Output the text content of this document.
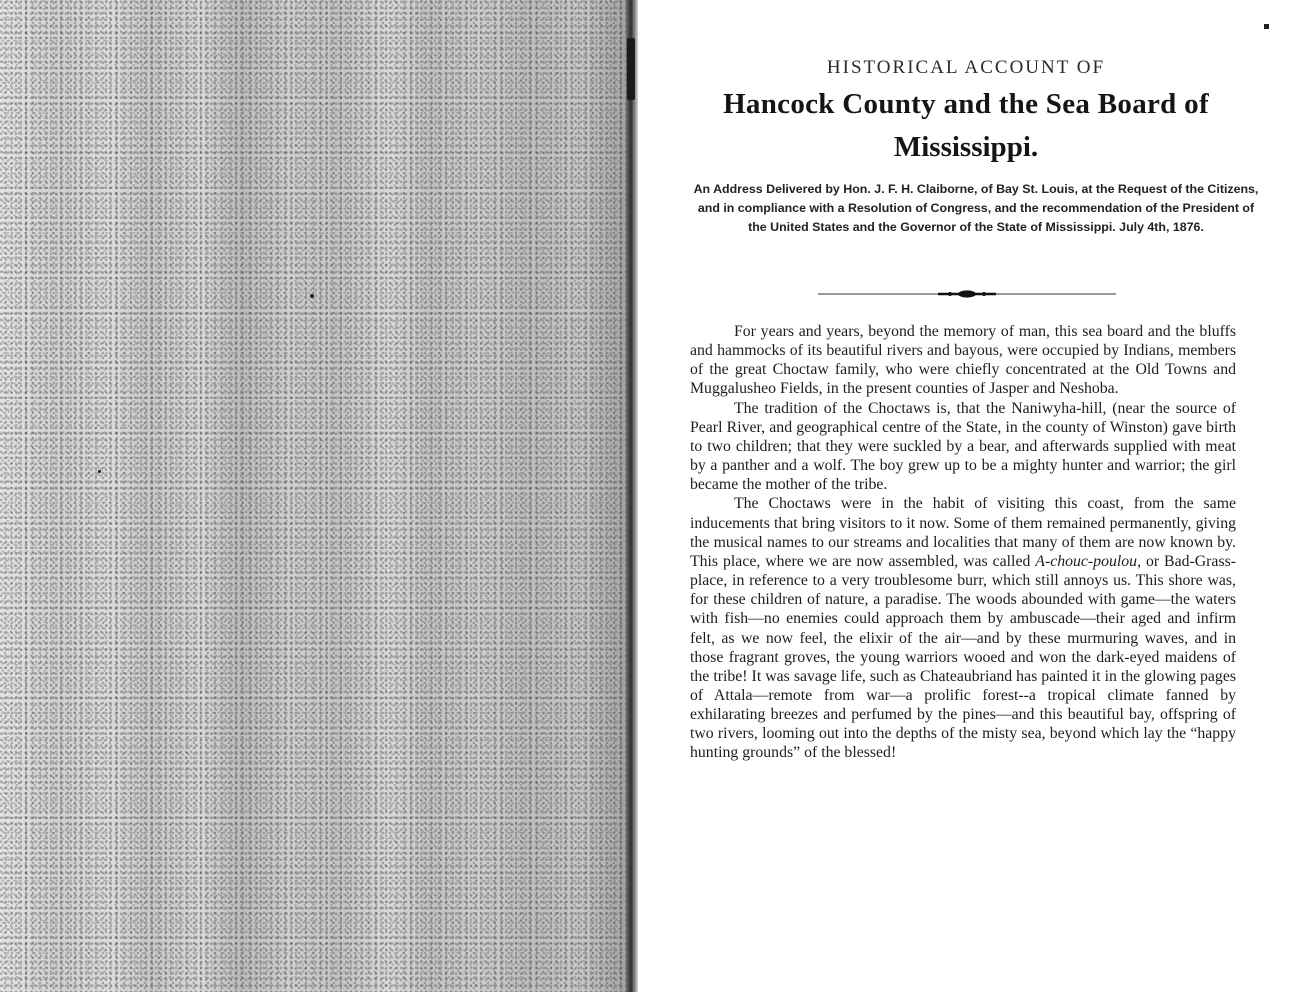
HISTORICAL ACCOUNT OF
Hancock County and the Sea Board of
Mississippi.

An Address Delivered by Hon. J. F. H. Claiborne, of Bay St. Louis, at the Request of the Citizens, and in compliance with a Resolution of Congress, and the recommendation of the President of the United States and the Governor of the State of Mississippi. July 4th, 1876.

For years and years, beyond the memory of man, this sea board and the bluffs and hammocks of its beautiful rivers and bayous, were occupied by Indians, members of the great Choctaw family, who were chiefly concentrated at the Old Towns and Muggalusheo Fields, in the present counties of Jasper and Neshoba.

The tradition of the Choctaws is, that the Naniwyha-hill, (near the source of Pearl River, and geographical centre of the State, in the county of Winston) gave birth to two children; that they were suckled by a bear, and afterwards supplied with meat by a panther and a wolf. The boy grew up to be a mighty hunter and warrior; the girl became the mother of the tribe.

The Choctaws were in the habit of visiting this coast, from the same inducements that bring visitors to it now. Some of them remained permanently, giving the musical names to our streams and localities that many of them are now known by. This place, where we are now assembled, was called A-chouc-poulou, or Bad-Grass-place, in reference to a very troublesome burr, which still annoys us. This shore was, for these children of nature, a paradise. The woods abounded with game—the waters with fish—no enemies could approach them by ambuscade—their aged and infirm felt, as we now feel, the elixir of the air—and by these murmuring waves, and in those fragrant groves, the young warriors wooed and won the dark-eyed maidens of the tribe! It was savage life, such as Chateaubriand has painted it in the glowing pages of Attala—remote from war—a prolific forest--a tropical climate fanned by exhilarating breezes and perfumed by the pines—and this beautiful bay, offspring of two rivers, looming out into the depths of the misty sea, beyond which lay the “happy hunting grounds” of the blessed!
